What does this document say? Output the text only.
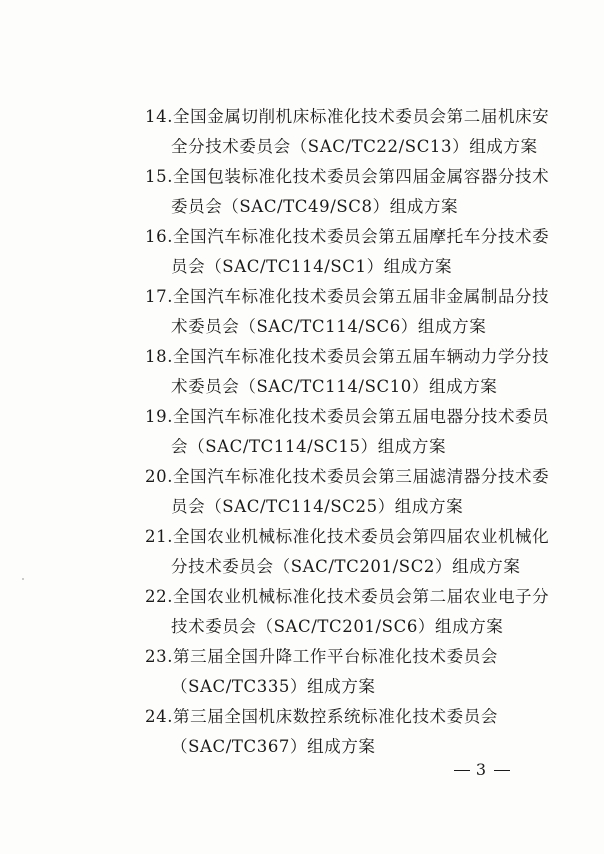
14.全国金属切削机床标准化技术委员会第二届机床安
全分技术委员会（SAC/TC22/SC13）组成方案
15.全国包装标准化技术委员会第四届金属容器分技术
委员会（SAC/TC49/SC8）组成方案
16.全国汽车标准化技术委员会第五届摩托车分技术委
员会（SAC/TC114/SC1）组成方案
17.全国汽车标准化技术委员会第五届非金属制品分技
术委员会（SAC/TC114/SC6）组成方案
18.全国汽车标准化技术委员会第五届车辆动力学分技
术委员会（SAC/TC114/SC10）组成方案
19.全国汽车标准化技术委员会第五届电器分技术委员
会（SAC/TC114/SC15）组成方案
20.全国汽车标准化技术委员会第三届滤清器分技术委
员会（SAC/TC114/SC25）组成方案
21.全国农业机械标准化技术委员会第四届农业机械化
分技术委员会（SAC/TC201/SC2）组成方案
22.全国农业机械标准化技术委员会第二届农业电子分
技术委员会（SAC/TC201/SC6）组成方案
23.第三届全国升降工作平台标准化技术委员会
（SAC/TC335）组成方案
24.第三届全国机床数控系统标准化技术委员会
（SAC/TC367）组成方案
3
